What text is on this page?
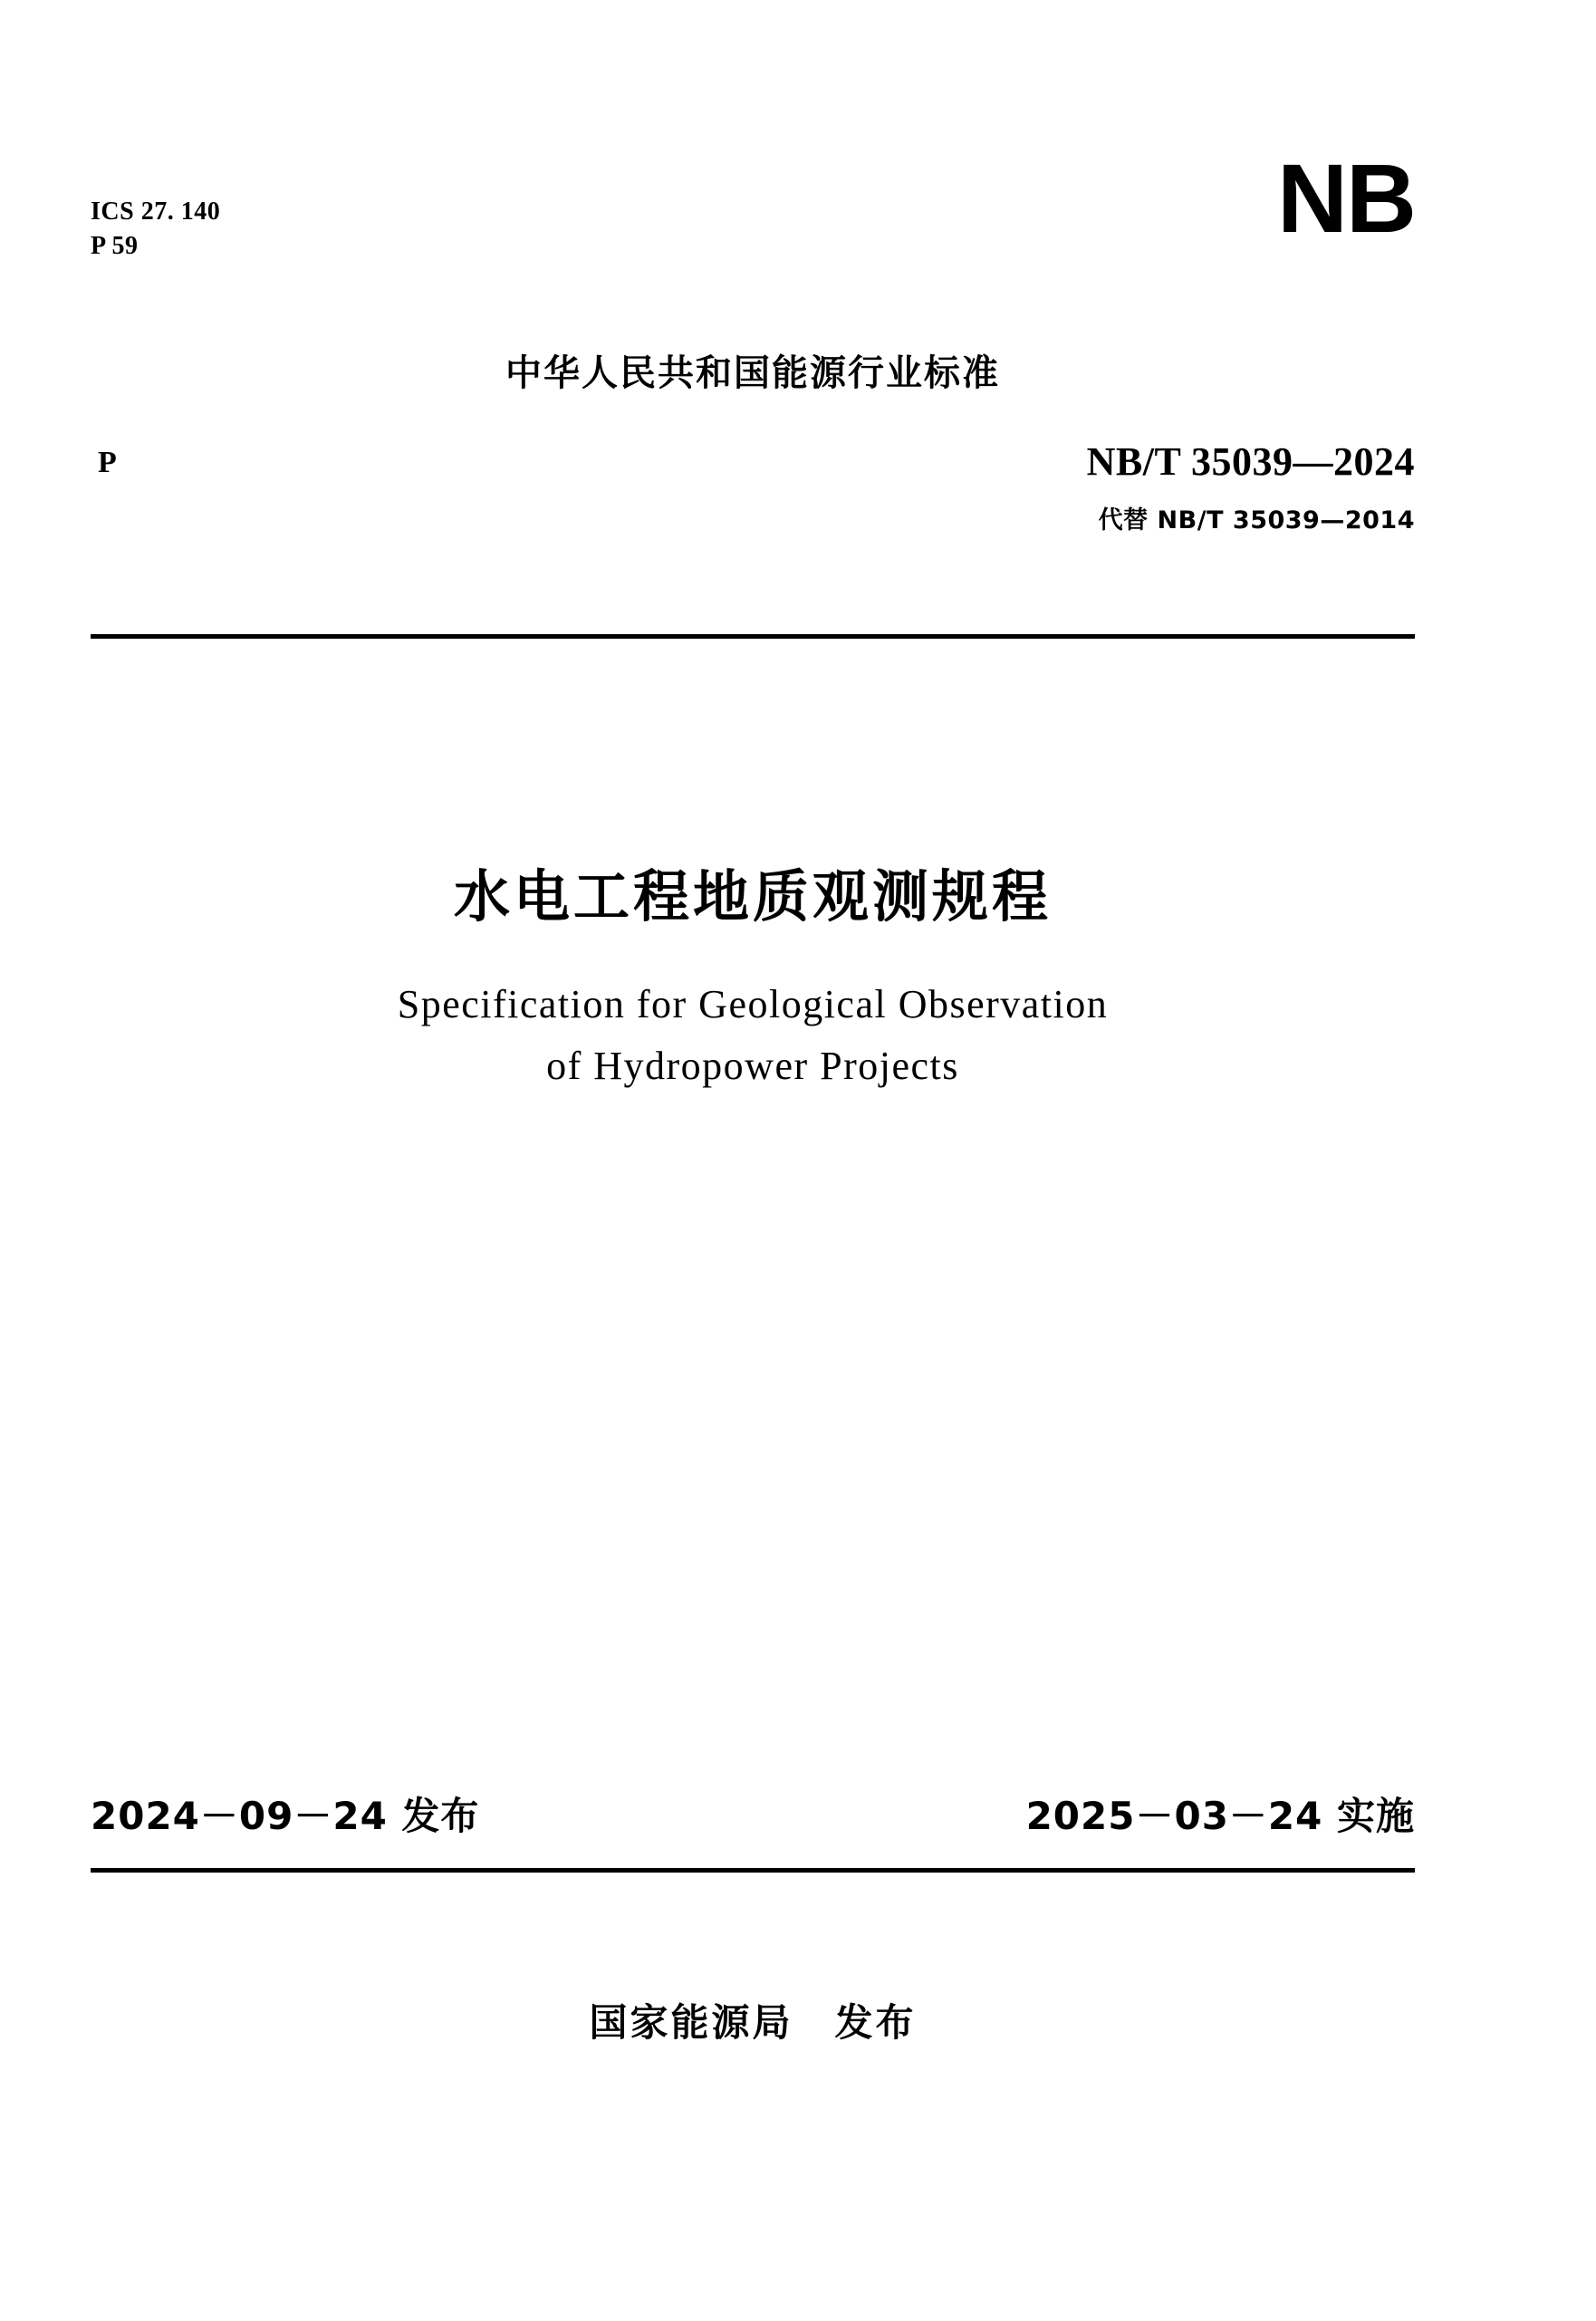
ICS 27. 140
P 59	NB
中华人民共和国能源行业标准
P	NB/T 35039—2024
代替 NB/T 35039—2014
水电工程地质观测规程
Specification for Geological Observation
of Hydropower Projects
2024－09－24 发布	2025－03－24 实施
国家能源局 发布
